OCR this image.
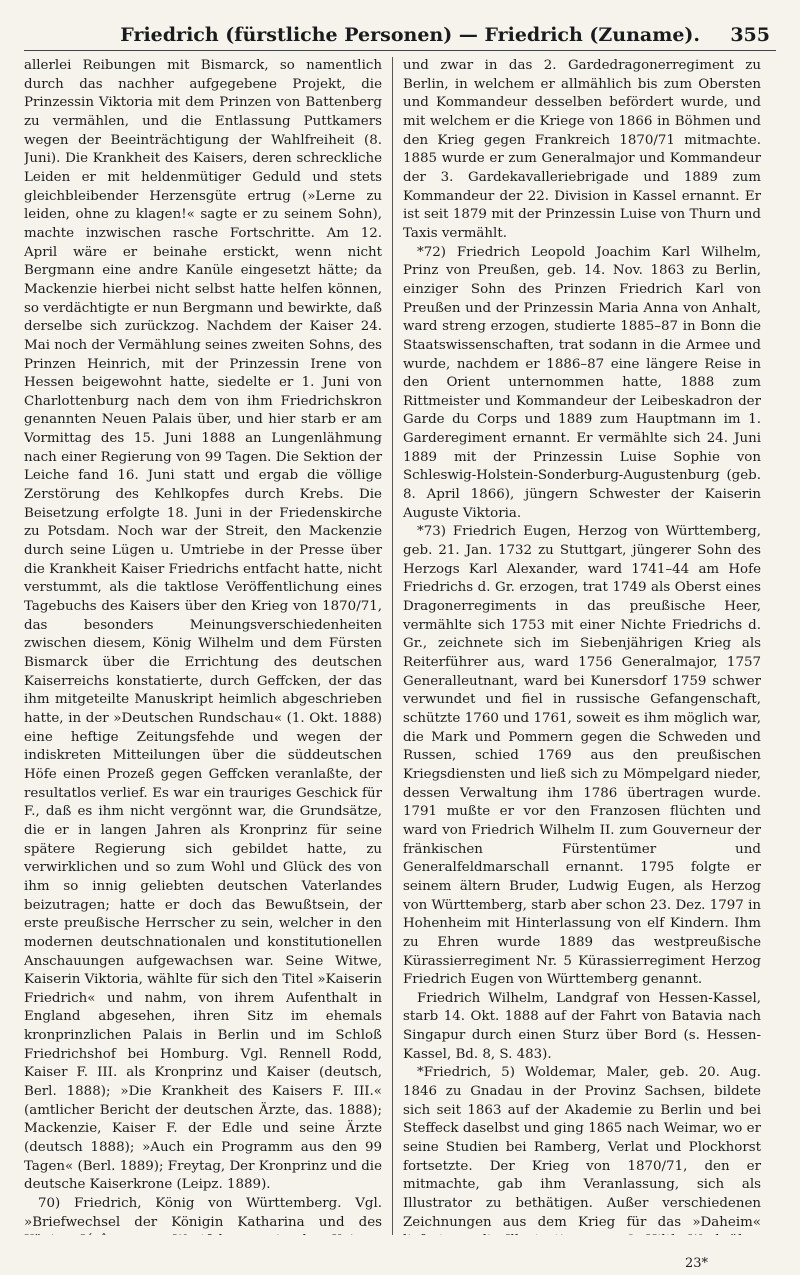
Friedrich (fürstliche Personen) — Friedrich (Zuname).	355

allerlei Reibungen mit Bismarck, so namentlich durch das nachher aufgegebene Projekt, die Prinzessin Viktoria mit dem Prinzen von Battenberg zu vermählen, und die Entlassung Puttkamers wegen der Beeinträchtigung der Wahlfreiheit (8. Juni). Die Krankheit des Kaisers, deren schreckliche Leiden er mit heldenmütiger Geduld und stets gleichbleibender Herzensgüte ertrug (»Lerne zu leiden, ohne zu klagen!« sagte er zu seinem Sohn), machte inzwischen rasche Fortschritte. Am 12. April wäre er beinahe erstickt, wenn nicht Bergmann eine andre Kanüle eingesetzt hätte; da Mackenzie hierbei nicht selbst hatte helfen können, so verdächtigte er nun Bergmann und bewirkte, daß derselbe sich zurückzog. Nachdem der Kaiser 24. Mai noch der Vermählung seines zweiten Sohns, des Prinzen Heinrich, mit der Prinzessin Irene von Hessen beigewohnt hatte, siedelte er 1. Juni von Charlottenburg nach dem von ihm Friedrichskron genannten Neuen Palais über, und hier starb er am Vormittag des 15. Juni 1888 an Lungenlähmung nach einer Regierung von 99 Tagen. Die Sektion der Leiche fand 16. Juni statt und ergab die völlige Zerstörung des Kehlkopfes durch Krebs. Die Beisetzung erfolgte 18. Juni in der Friedenskirche zu Potsdam. Noch war der Streit, den Mackenzie durch seine Lügen u. Umtriebe in der Presse über die Krankheit Kaiser Friedrichs entfacht hatte, nicht verstummt, als die taktlose Veröffentlichung eines Tagebuchs des Kaisers über den Krieg von 1870/71, das besonders Meinungsverschiedenheiten zwischen diesem, König Wilhelm und dem Fürsten Bismarck über die Errichtung des deutschen Kaiserreichs konstatierte, durch Geffcken, der das ihm mitgeteilte Manuskript heimlich abgeschrieben hatte, in der »Deutschen Rundschau« (1. Okt. 1888) eine heftige Zeitungsfehde und wegen der indiskreten Mitteilungen über die süddeutschen Höfe einen Prozeß gegen Geffcken veranlaßte, der resultatlos verlief. Es war ein trauriges Geschick für F., daß es ihm nicht vergönnt war, die Grundsätze, die er in langen Jahren als Kronprinz für seine spätere Regierung sich gebildet hatte, zu verwirklichen und so zum Wohl und Glück des von ihm so innig geliebten deutschen Vaterlandes beizutragen; hatte er doch das Bewußtsein, der erste preußische Herrscher zu sein, welcher in den modernen deutschnationalen und konstitutionellen Anschauungen aufgewachsen war. Seine Witwe, Kaiserin Viktoria, wählte für sich den Titel »Kaiserin Friedrich« und nahm, von ihrem Aufenthalt in England abgesehen, ihren Sitz im ehemals kronprinzlichen Palais in Berlin und im Schloß Friedrichshof bei Homburg. Vgl. Rennell Rodd, Kaiser F. III. als Kronprinz und Kaiser (deutsch, Berl. 1888); »Die Krankheit des Kaisers F. III.« (amtlicher Bericht der deutschen Ärzte, das. 1888); Mackenzie, Kaiser F. der Edle und seine Ärzte (deutsch 1888); »Auch ein Programm aus den 99 Tagen« (Berl. 1889); Freytag, Der Kronprinz und die deutsche Kaiserkrone (Leipz. 1889).

70) Friedrich, König von Württemberg. Vgl. »Briefwechsel der Königin Katharina und des

und zwar in das 2. Gardedragonerregiment zu Berlin, in welchem er allmählich bis zum Obersten und Kommandeur desselben befördert wurde, und mit welchem er die Kriege von 1866 in Böhmen und den Krieg gegen Frankreich 1870/71 mitmachte. 1885 wurde er zum Generalmajor und Kommandeur der 3. Gardekavalleriebrigade und 1889 zum Kommandeur der 22. Division in Kassel ernannt. Er ist seit 1879 mit der Prinzessin Luise von Thurn und Taxis vermählt.

*72) Friedrich Leopold Joachim Karl Wilhelm, Prinz von Preußen, geb. 14. Nov. 1863 zu Berlin, einziger Sohn des Prinzen Friedrich Karl von Preußen und der Prinzessin Maria Anna von Anhalt, ward streng erzogen, studierte 1885–87 in Bonn die Staatswissenschaften, trat sodann in die Armee und wurde, nachdem er 1886–87 eine längere Reise in den Orient unternommen hatte, 1888 zum Rittmeister und Kommandeur der Leibeskadron der Garde du Corps und 1889 zum Hauptmann im 1. Garderegiment ernannt. Er vermählte sich 24. Juni 1889 mit der Prinzessin Luise Sophie von Schleswig-Holstein-Sonderburg-Augustenburg (geb. 8. April 1866), jüngern Schwester der Kaiserin Auguste Viktoria.

*73) Friedrich Eugen, Herzog von Württemberg, geb. 21. Jan. 1732 zu Stuttgart, jüngerer Sohn des Herzogs Karl Alexander, ward 1741–44 am Hofe Friedrichs d. Gr. erzogen, trat 1749 als Oberst eines Dragonerregiments in das preußische Heer, vermählte sich 1753 mit einer Nichte Friedrichs d. Gr., zeichnete sich im Siebenjährigen Krieg als Reiterführer aus, ward 1756 Generalmajor, 1757 Generalleutnant, ward bei Kunersdorf 1759 schwer verwundet und fiel in russische Gefangenschaft, schützte 1760 und 1761, soweit es ihm möglich war, die Mark und Pommern gegen die Schweden und Russen, schied 1769 aus den preußischen Kriegsdiensten und ließ sich zu Mömpelgard nieder, dessen Verwaltung ihm 1786 übertragen wurde. 1791 mußte er vor den Franzosen flüchten und ward von Friedrich Wilhelm II. zum Gouverneur der fränkischen Fürstentümer und Generalfeldmarschall ernannt. 1795 folgte er seinem ältern Bruder, Ludwig Eugen, als Herzog von Württemberg, starb aber schon 23. Dez. 1797 in Hohenheim mit Hinterlassung von elf Kindern. Ihm zu Ehren wurde 1889 das westpreußische Kürassierregiment Nr. 5 Kürassierregiment Herzog Friedrich Eugen von Württemberg genannt.

Friedrich Wilhelm, Landgraf von Hessen-Kassel, starb 14. Okt. 1888 auf der Fahrt von Batavia nach Singapur durch einen Sturz über Bord (s. Hessen-Kassel, Bd. 8, S. 483).

*Friedrich, 5) Woldemar, Maler, geb. 20. Aug. 1846 zu Gnadau in der Provinz Sachsen, bildete sich seit 1863 auf der Akademie zu Berlin und bei Steffeck daselbst und ging 1865 nach Weimar, wo er seine Studien bei Ramberg, Verlat und Plockhorst fortsetzte. Der Krieg von 1870/71, den er mitmachte, gab ihm Veranlassung, sich als Illustrator zu bethätigen. Außer verschiedenen Zeichnungen aus dem Krieg für das »Daheim«

23*
